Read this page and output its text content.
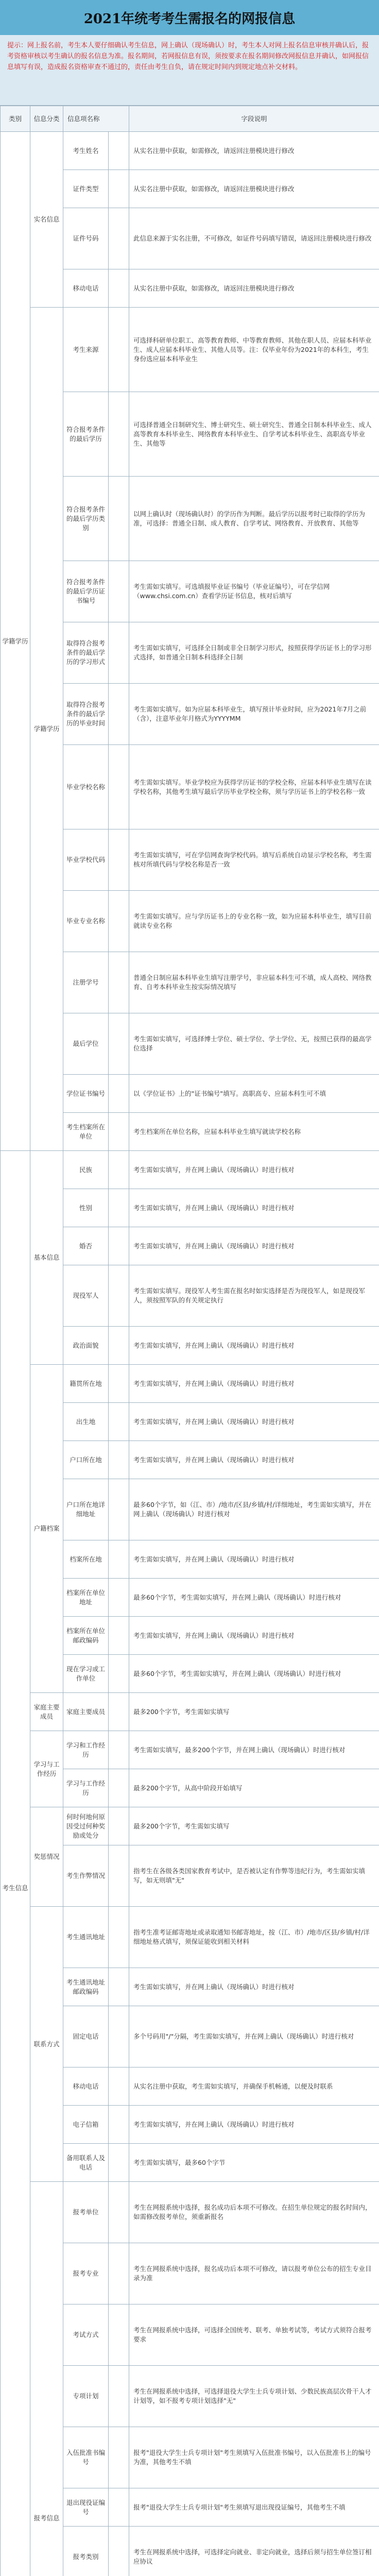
2021年统考考生需报名的网报信息
提示：网上报名前，考生本人要仔细确认考生信息，网上确认（现场确认）时，考生本人对网上报名信息审核并确认后，报考资格审核以考生确认的报名信息为准。报名期间，若网报信息有误，须按要求在报名期间修改网报信息并确认，如网报信息填写有误，造成报名资格审查不通过的，责任由考生自负，请在规定时间内到规定地点补交材料。
类别	信息分类	信息项名称		字段说明
学籍学历	实名信息	考生姓名		从实名注册中获取，如需修改，请返回注册模块进行修改
		证件类型		从实名注册中获取，如需修改，请返回注册模块进行修改
		证件号码		此信息来源于实名注册，不可修改，如证件号码填写错误，请返回注册模块进行修改
		移动电话		从实名注册中获取，如需修改，请返回注册模块进行修改
	学籍学历	考生来源		可选择科研单位职工、高等教育教师、中等教育教师、其他在职人员、应届本科毕业生、成人应届本科毕业生、其他人员等。注：仅毕业年份为2021年的本科生，考生身份选应届本科毕业生
		符合报考条件的最后学历		可选择普通全日制研究生、博士研究生、硕士研究生、普通全日制本科毕业生、成人高等教育本科毕业生、网络教育本科毕业生、自学考试本科毕业生、高职高专毕业生、其他等
		符合报考条件的最后学历类别		以网上确认时（现场确认时）的学历作为判断。最后学历以报考时已取得的学历为准，可选择：普通全日制、成人教育、自学考试、网络教育、开放教育、其他等
		符合报考条件的最后学历证书编号		考生需如实填写。可选填报毕业证书编号（毕业证编号），可在学信网（www.chsi.com.cn）查看学历证书信息，核对后填写
		取得符合报考条件的最后学历的学习形式		考生需如实填写，可选择全日制或非全日制学习形式，按照获得学历证书上的学习形式选择，如普通全日制本科选择全日制
		取得符合报考条件的最后学历的毕业时间		考生需如实填写。如为应届本科毕业生，填写预计毕业时间，应为2021年7月之前（含），注意毕业年月格式为YYYYMM
		毕业学校名称		考生需如实填写。毕业学校应为获得学历证书的学校全称，应届本科毕业生填写在读学校名称，其他考生填写最后学历毕业学校全称，须与学历证书上的学校名称一致
		毕业学校代码		考生需如实填写，可在学信网查询学校代码。填写后系统自动显示学校名称，考生需核对所填代码与学校名称是否一致
		毕业专业名称		考生需如实填写。应与学历证书上的专业名称一致，如为应届本科毕业生，填写目前就读专业名称
		注册学号		普通全日制应届本科毕业生填写注册学号，非应届本科生可不填，成人高校、网络教育、自考本科毕业生按实际情况填写
		最后学位		考生需如实填写，可选择博士学位、硕士学位、学士学位、无，按照已获得的最高学位选择
		学位证书编号		以《学位证书》上的"证书编号"填写。高职高专、应届本科生可不填
		考生档案所在单位		考生档案所在单位名称，应届本科毕业生填写就读学校名称
考生信息	基本信息	民族		考生需如实填写，并在网上确认（现场确认）时进行核对
		性别		考生需如实填写，并在网上确认（现场确认）时进行核对
		婚否		考生需如实填写，并在网上确认（现场确认）时进行核对
		现役军人		考生需如实填写。现役军人考生需在报名时如实选择是否为现役军人，如是现役军人，须按照军队的有关规定执行
		政治面貌		考生需如实填写，并在网上确认（现场确认）时进行核对
	户籍档案	籍贯所在地		考生需如实填写，并在网上确认（现场确认）时进行核对
		出生地		考生需如实填写，并在网上确认（现场确认）时进行核对
		户口所在地		考生需如实填写，并在网上确认（现场确认）时进行核对
		户口所在地详细地址		最多60个字节，如（江、市）/地市/区县/乡镇/村/详细地址，考生需如实填写，并在网上确认（现场确认）时进行核对
		档案所在地		考生需如实填写，并在网上确认（现场确认）时进行核对
		档案所在单位地址		最多60个字节，考生需如实填写，并在网上确认（现场确认）时进行核对
		档案所在单位邮政编码		考生需如实填写，并在网上确认（现场确认）时进行核对
		现在学习或工作单位		最多60个字节，考生需如实填写，并在网上确认（现场确认）时进行核对
	家庭主要成员	家庭主要成员		最多200个字节，考生需如实填写
	学习与工作经历	学习和工作经历		考生需如实填写，最多200个字节，并在网上确认（现场确认）时进行核对
		学习与工作经历		最多200个字节，从高中阶段开始填写
	奖惩情况	何时何地何原因受过何种奖励或处分		最多200个字节，考生需如实填写
		考生作弊情况		指考生在各级各类国家教育考试中，是否被认定有作弊等违纪行为，考生需如实填写，如无则填"无"
	联系方式	考生通讯地址		指考生准考证邮寄地址或录取通知书邮寄地址，按（江、市）/地市/区县/乡镇/村/详细地址格式填写，须保证能收到相关材料
		考生通讯地址邮政编码		考生需如实填写，并在网上确认（现场确认）时进行核对
		固定电话		多个号码用"/"分隔，考生需如实填写，并在网上确认（现场确认）时进行核对
		移动电话		从实名注册中获取，考生需如实填写，并确保手机畅通，以便及时联系
		电子信箱		考生需如实填写，并在网上确认（现场确认）时进行核对
		备用联系人及电话		考生需如实填写，最多60个字节
	报考信息	报考单位		考生在网报系统中选择，报名成功后本项不可修改。在招生单位规定的报名时间内，如需修改报考单位，须重新报名
		报考专业		考生在网报系统中选择，报名成功后本项不可修改，请以报考单位公布的招生专业目录为准
		考试方式		考生在网报系统中选择，可选择全国统考、联考、单独考试等，考试方式须符合报考要求
		专项计划		考生在网报系统中选择，可选择退役大学生士兵专项计划、少数民族高层次骨干人才计划等，如不报考专项计划选择"无"
		入伍批准书编号		报考"退役大学生士兵专项计划"考生须填写入伍批准书编号，以入伍批准书上的编号为准，其他考生不填
		退出现役证编号		报考"退役大学生士兵专项计划"考生须填写退出现役证编号，其他考生不填
		报考类别		考生在网报系统中选择，可选择定向就业、非定向就业，选择后须与招生单位签订相应协议
